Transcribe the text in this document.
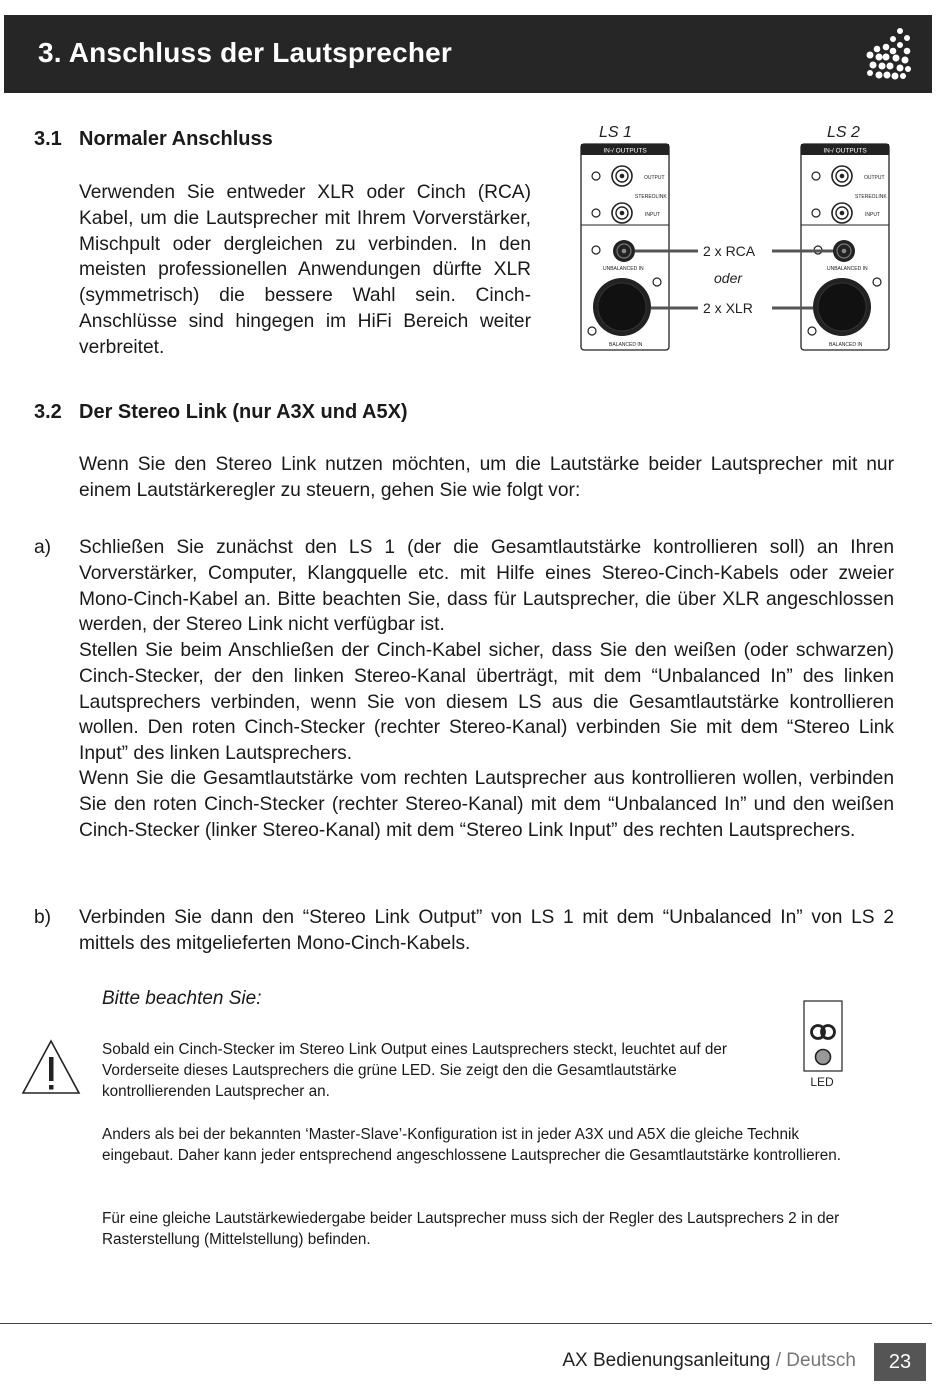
3. Anschluss der Lautsprecher
3.1 Normaler Anschluss

Verwenden Sie entweder XLR oder Cinch (RCA) Kabel, um die Lautsprecher mit Ihrem Vorverstärker, Mischpult oder dergleichen zu verbinden. In den meisten professionellen Anwendungen dürfte XLR (symmetrisch) die bessere Wahl sein. Cinch-Anschlüsse sind hingegen im HiFi Bereich weiter verbreitet.

LS 1	LS 2
IN-/ OUTPUTS
OUTPUT
STEREOLINK
INPUT
UNBALANCED IN
BALANCED IN
IN-/ OUTPUTS
OUTPUT
STEREOLINK
INPUT
UNBALANCED IN
BALANCED IN
2 x RCA
oder
2 x XLR
3.2 Der Stereo Link (nur A3X und A5X)

Wenn Sie den Stereo Link nutzen möchten, um die Lautstärke beider Lautsprecher mit nur einem Lautstärkeregler zu steuern, gehen Sie wie folgt vor:

a) Schließen Sie zunächst den LS 1 (der die Gesamtlautstärke kontrollieren soll) an Ihren Vorverstärker, Computer, Klangquelle etc. mit Hilfe eines Stereo-Cinch-Kabels oder zweier Mono-Cinch-Kabel an. Bitte beachten Sie, dass für Lautsprecher, die über XLR angeschlossen werden, der Stereo Link nicht verfügbar ist.

Stellen Sie beim Anschließen der Cinch-Kabel sicher, dass Sie den weißen (oder schwarzen) Cinch-Stecker, der den linken Stereo-Kanal überträgt, mit dem “Unbalanced In” des linken Lautsprechers verbinden, wenn Sie von diesem LS aus die Gesamtlautstärke kontrollieren wollen. Den roten Cinch-Stecker (rechter Stereo-Kanal) verbinden Sie mit dem “Stereo Link Input” des linken Lautsprechers.

Wenn Sie die Gesamtlautstärke vom rechten Lautsprecher aus kontrollieren wollen, verbinden Sie den roten Cinch-Stecker (rechter Stereo-Kanal) mit dem “Unbalanced In” und den weißen Cinch-Stecker (linker Stereo-Kanal) mit dem “Stereo Link Input” des rechten Lautsprechers.

b) Verbinden Sie dann den “Stereo Link Output” von LS 1 mit dem “Unbalanced In” von LS 2 mittels des mitgelieferten Mono-Cinch-Kabels.

Bitte beachten Sie:

Sobald ein Cinch-Stecker im Stereo Link Output eines Lautsprechers steckt, leuchtet auf der Vorderseite dieses Lautsprechers die grüne LED. Sie zeigt den die Gesamtlautstärke kontrollierenden Lautsprecher an.

Anders als bei der bekannten ‘Master-Slave’-Konfiguration ist in jeder A3X und A5X die gleiche Technik eingebaut. Daher kann jeder entsprechend angeschlossene Lautsprecher die Gesamtlautstärke kontrollieren.

Für eine gleiche Lautstärkewiedergabe beider Lautsprecher muss sich der Regler des Lautsprechers 2 in der Rasterstellung (Mittelstellung) befinden.

LED
AX Bedienungsanleitung / Deutsch	23
